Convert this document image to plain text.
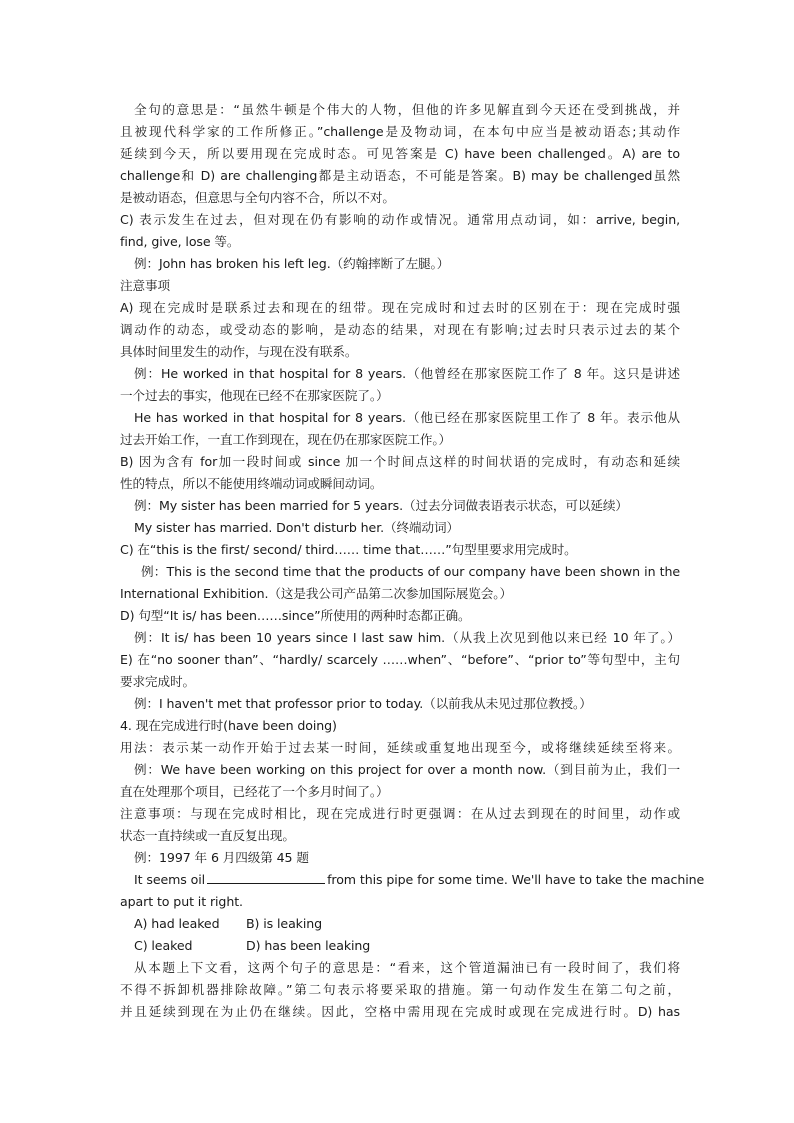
全句的意思是：“虽然牛顿是个伟大的人物，但他的许多见解直到今天还在受到挑战，并
且被现代科学家的工作所修正。”challenge是及物动词，在本句中应当是被动语态;其动作
延续到今天，所以要用现在完成时态。可见答案是 C) have been challenged。A) are to
challenge和 D) are challenging都是主动语态，不可能是答案。B) may be challenged虽然
是被动语态，但意思与全句内容不合，所以不对。
C) 表示发生在过去，但对现在仍有影响的动作或情况。通常用点动词，如：arrive, begin,
find, give, lose 等。
例：John has broken his left leg.（约翰摔断了左腿。）
注意事项
A) 现在完成时是联系过去和现在的纽带。现在完成时和过去时的区别在于：现在完成时强
调动作的动态，或受动态的影响，是动态的结果，对现在有影响;过去时只表示过去的某个
具体时间里发生的动作，与现在没有联系。
例：He worked in that hospital for 8 years.（他曾经在那家医院工作了 8 年。这只是讲述
一个过去的事实，他现在已经不在那家医院了。）
He has worked in that hospital for 8 years.（他已经在那家医院里工作了 8 年。表示他从
过去开始工作，一直工作到现在，现在仍在那家医院工作。）
B) 因为含有 for加一段时间或 since 加一个时间点这样的时间状语的完成时，有动态和延续
性的特点，所以不能使用终端动词或瞬间动词。
例：My sister has been married for 5 years.（过去分词做表语表示状态，可以延续）
My sister has married. Don't disturb her.（终端动词）
C) 在“this is the first/ second/ third…… time that……”句型里要求用完成时。
例：This is the second time that the products of our company have been shown in the
International Exhibition.（这是我公司产品第二次参加国际展览会。）
D) 句型“It is/ has been……since”所使用的两种时态都正确。
例：It is/ has been 10 years since I last saw him.（从我上次见到他以来已经 10 年了。）
E) 在“no sooner than”、“hardly/ scarcely ……when”、“before”、“prior to”等句型中，主句
要求完成时。
例：I haven't met that professor prior to today.（以前我从未见过那位教授。）
4. 现在完成进行时(have been doing)
用法：表示某一动作开始于过去某一时间，延续或重复地出现至今，或将继续延续至将来。
例：We have been working on this project for over a month now.（到目前为止，我们一
直在处理那个项目，已经花了一个多月时间了。）
注意事项：与现在完成时相比，现在完成进行时更强调：在从过去到现在的时间里，动作或
状态一直持续或一直反复出现。
例：1997 年 6 月四级第 45 题
It seems oil	from this pipe for some time. We'll have to take the machine
apart to put it right.
A) had leaked B) is leaking
C) leaked	D) has been leaking
从本题上下文看，这两个句子的意思是：“看来，这个管道漏油已有一段时间了，我们将
不得不拆卸机器排除故障。”第二句表示将要采取的措施。第一句动作发生在第二句之前，
并且延续到现在为止仍在继续。因此，空格中需用现在完成时或现在完成进行时。D) has
